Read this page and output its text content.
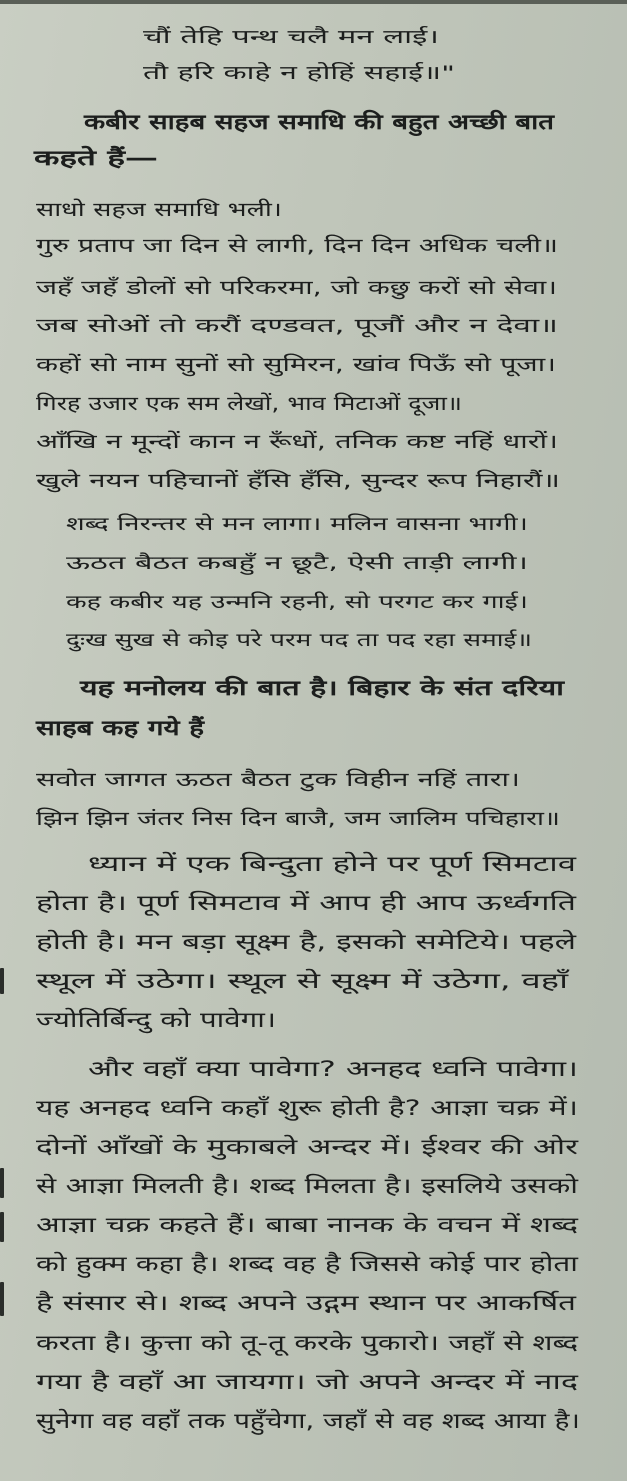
चौं तेहि पन्थ चलै मन लाई।
तौ हरि काहे न होहिं सहाई॥"
कबीर साहब सहज समाधि की बहुत अच्छी बात
कहते हैं—
साधो सहज समाधि भली।
गुरु प्रताप जा दिन से लागी, दिन दिन अधिक चली॥
जहँ जहँ डोलों सो परिकरमा, जो कछु करों सो सेवा।
जब सोओं तो करौं दण्डवत, पूजौं और न देवा॥
कहों सो नाम सुनों सो सुमिरन, खांव पिऊँ सो पूजा।
गिरह उजार एक सम लेखों, भाव मिटाओं दूजा॥
आँखि न मून्दों कान न रूँधों, तनिक कष्ट नहिं धारों।
खुले नयन पहिचानों हँसि हँसि, सुन्दर रूप निहारौं॥
शब्द निरन्तर से मन लागा। मलिन वासना भागी।
ऊठत बैठत कबहुँ न छूटै, ऐसी ताड़ी लागी।
कह कबीर यह उन्मनि रहनी, सो परगट कर गाई।
दुःख सुख से कोइ परे परम पद ता पद रहा समाई॥
यह मनोलय की बात है। बिहार के संत दरिया
साहब कह गये हैं
सवोत जागत ऊठत बैठत टुक विहीन नहिं तारा।
झिन झिन जंतर निस दिन बाजै, जम जालिम पचिहारा॥
ध्यान में एक बिन्दुता होने पर पूर्ण सिमटाव
होता है। पूर्ण सिमटाव में आप ही आप ऊर्ध्वगति
होती है। मन बड़ा सूक्ष्म है, इसको समेटिये। पहले
स्थूल में उठेगा। स्थूल से सूक्ष्म में उठेगा, वहाँ
ज्योतिर्बिन्दु को पावेगा।
और वहाँ क्या पावेगा? अनहद ध्वनि पावेगा।
यह अनहद ध्वनि कहाँ शुरू होती है? आज्ञा चक्र में।
दोनों आँखों के मुकाबले अन्दर में। ईश्वर की ओर
से आज्ञा मिलती है। शब्द मिलता है। इसलिये उसको
आज्ञा चक्र कहते हैं। बाबा नानक के वचन में शब्द
को हुक्म कहा है। शब्द वह है जिससे कोई पार होता
है संसार से। शब्द अपने उद्गम स्थान पर आकर्षित
करता है। कुत्ता को तू-तू करके पुकारो। जहाँ से शब्द
गया है वहाँ आ जायगा। जो अपने अन्दर में नाद
सुनेगा वह वहाँ तक पहुँचेगा, जहाँ से वह शब्द आया है।
